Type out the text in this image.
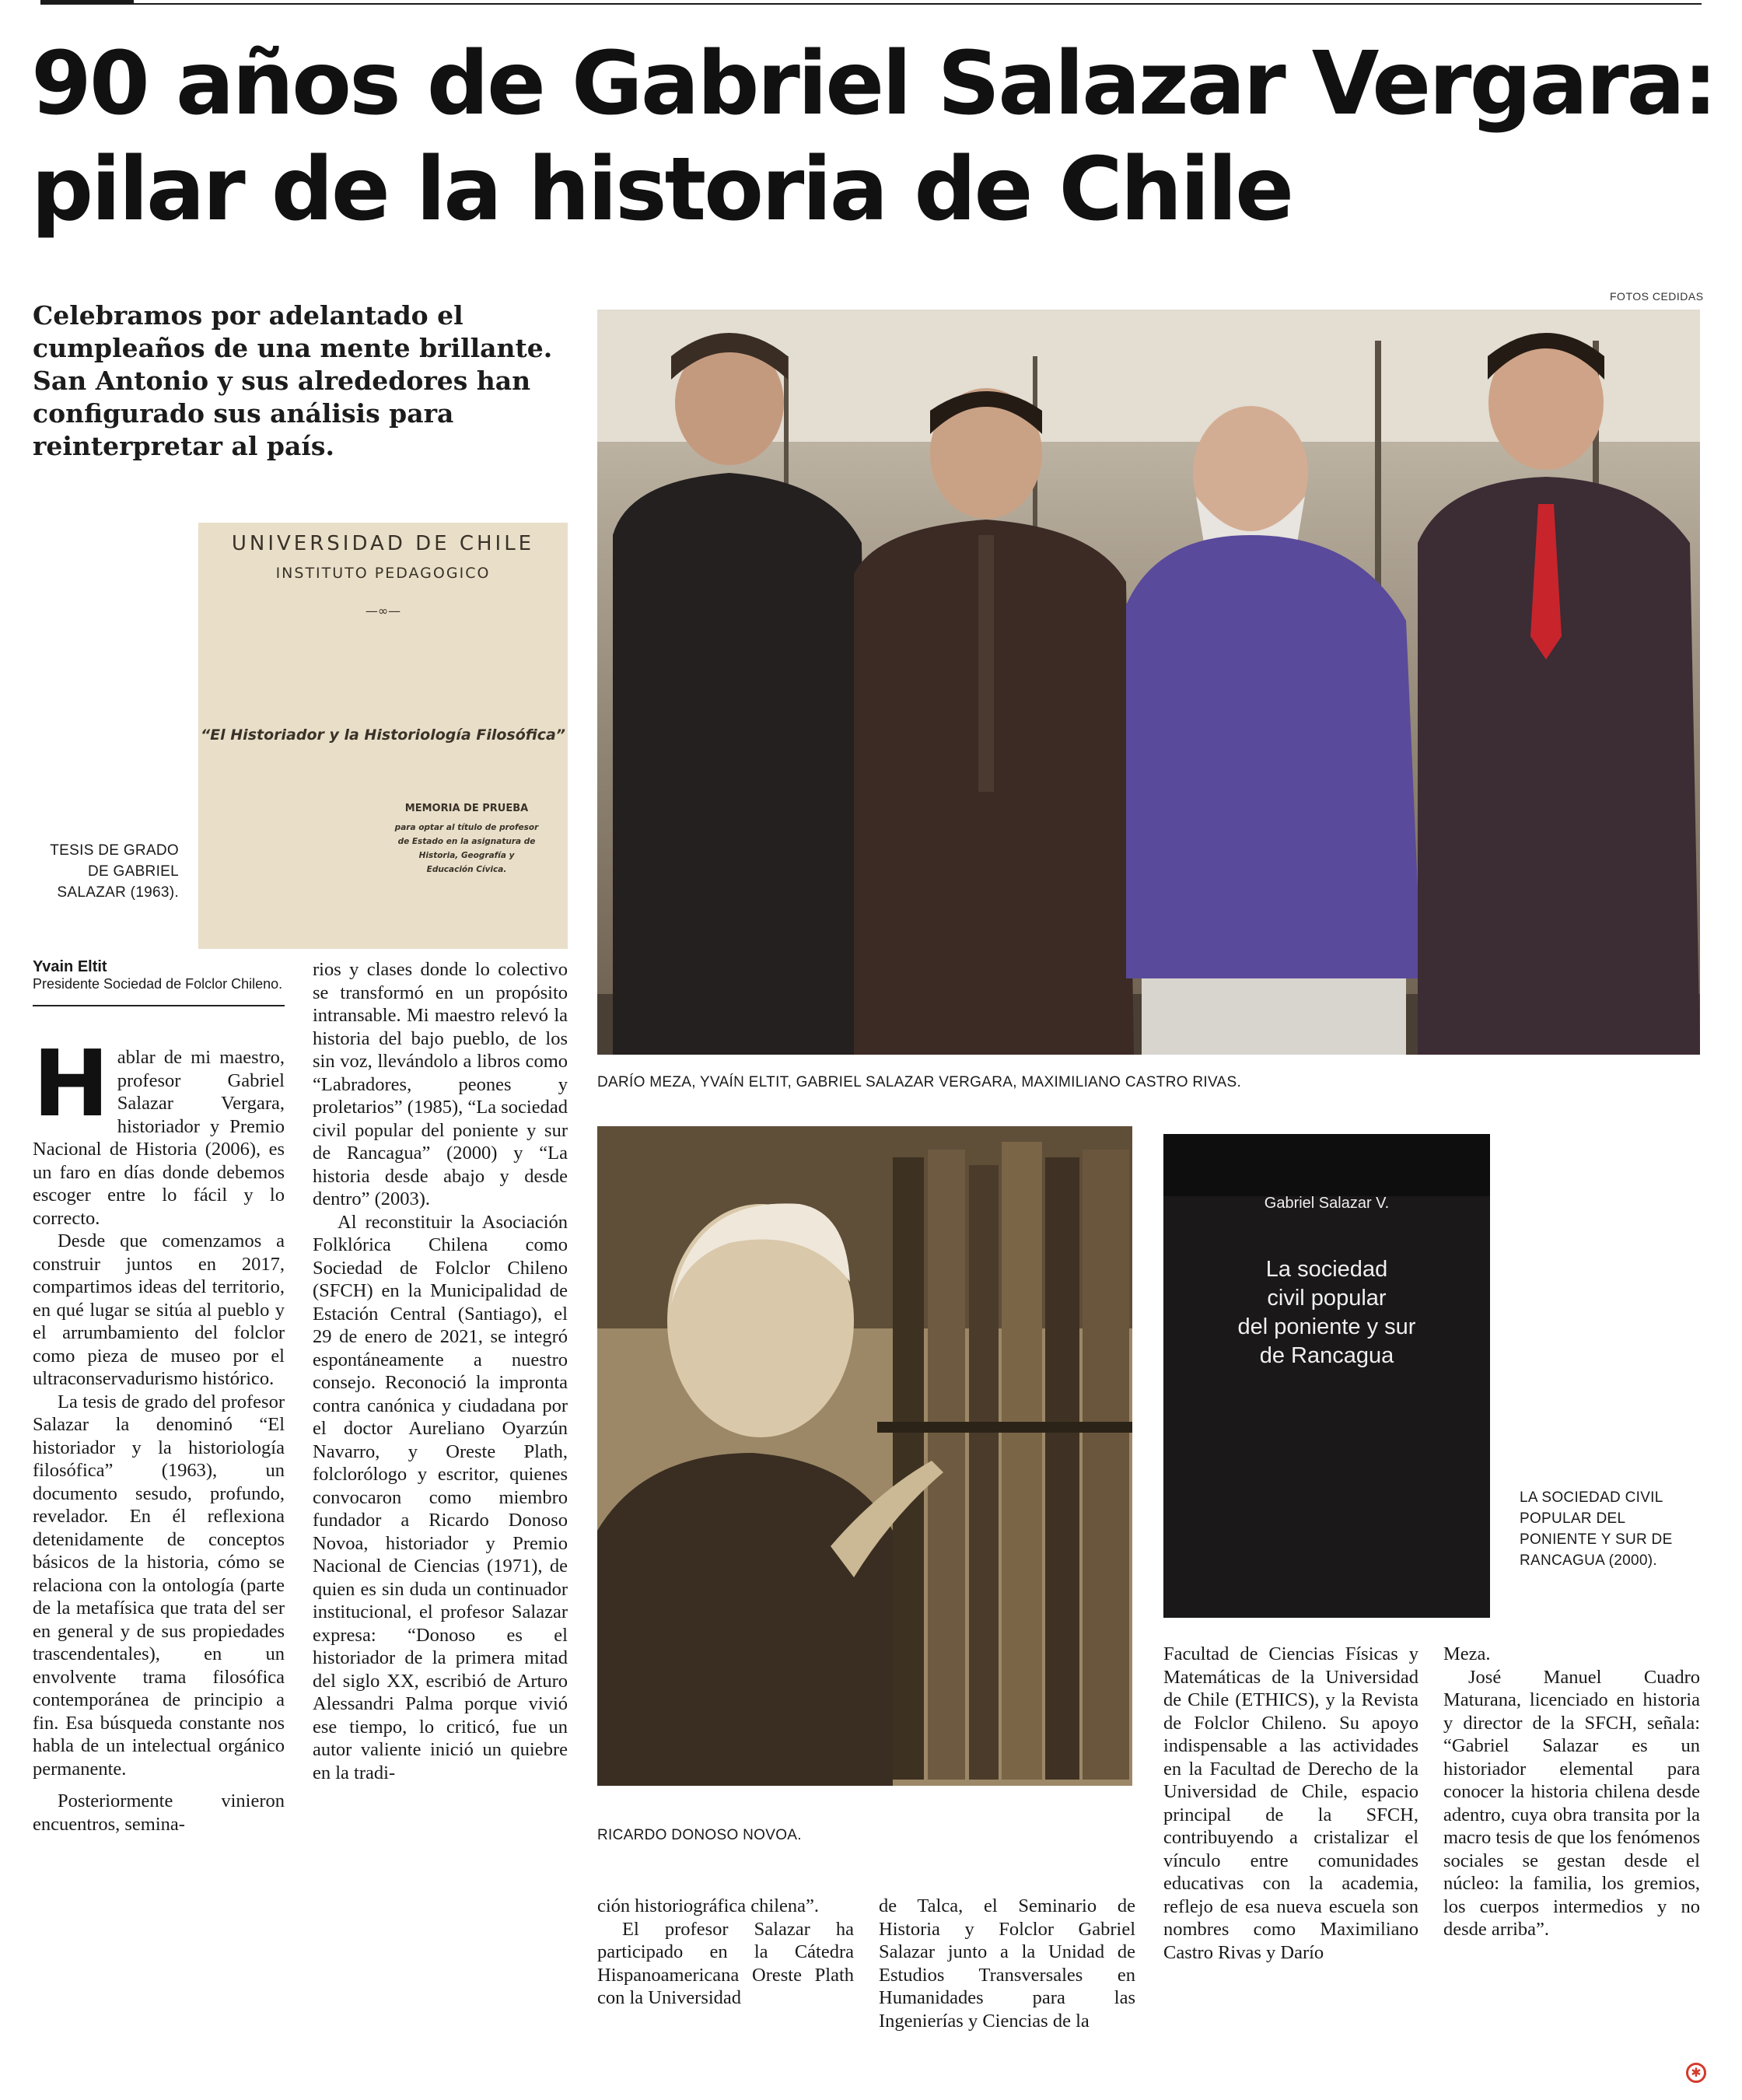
90 años de Gabriel Salazar Vergara:
pilar de la historia de Chile
Celebramos por adelantado el
cumpleaños de una mente brillante.
San Antonio y sus alrededores han
configurado sus análisis para
reinterpretar al país.
FOTOS CEDIDAS
UNIVERSIDAD DE CHILE
INSTITUTO PEDAGOGICO
—∞—
“El Historiador y la Historiología Filosófica”
MEMORIA DE PRUEBA
para optar al título de profesor
de Estado en la asignatura de
Historia, Geografía y
Educación Cívica.
TESIS DE GRADO
DE GABRIEL
SALAZAR (1963).
DARÍO MEZA, YVAÍN ELTIT, GABRIEL SALAZAR VERGARA, MAXIMILIANO CASTRO RIVAS.
RICARDO DONOSO NOVOA.
Gabriel Salazar V.
La sociedad
civil popular
del poniente y sur
de Rancagua
LA SOCIEDAD CIVIL
POPULAR DEL
PONIENTE Y SUR DE
RANCAGUA (2000).
Yvain Eltit
Presidente Sociedad de Folclor Chileno.

Hablar de mi maestro, profesor Gabriel Salazar Vergara, historiador y Premio Nacional de Historia (2006), es un faro en días donde debemos escoger entre lo fácil y lo correcto.

Desde que comenzamos a construir juntos en 2017, compartimos ideas del territorio, en qué lugar se sitúa al pueblo y el arrumbamiento del folclor como pieza de museo por el ultraconservadurismo histórico.

La tesis de grado del profesor Salazar la denominó “El historiador y la historiología filosófica” (1963), un documento sesudo, profundo, revelador. En él reflexiona detenidamente de conceptos básicos de la historia, cómo se relaciona con la ontología (parte de la metafísica que trata del ser en general y de sus propiedades trascendentales), en un envolvente trama filosófica contemporánea de principio a fin. Esa búsqueda constante nos habla de un intelectual orgánico permanente.

Posteriormente vinieron encuentros, semina-

rios y clases donde lo colectivo se transformó en un propósito intransable. Mi maestro relevó la historia del bajo pueblo, de los sin voz, llevándolo a libros como “Labradores, peones y proletarios” (1985), “La sociedad civil popular del poniente y sur de Rancagua” (2000) y “La historia desde abajo y desde dentro” (2003).

Al reconstituir la Asociación Folklórica Chilena como Sociedad de Folclor Chileno (SFCH) en la Municipalidad de Estación Central (Santiago), el 29 de enero de 2021, se integró espontáneamente a nuestro consejo. Reconoció la impronta contra canónica y ciudadana por el doctor Aureliano Oyarzún Navarro, y Oreste Plath, folclorólogo y escritor, quienes convocaron como miembro fundador a Ricardo Donoso Novoa, historiador y Premio Nacional de Ciencias (1971), de quien es sin duda un continuador institucional, el profesor Salazar expresa: “Donoso es el historiador de la primera mitad del siglo XX, escribió de Arturo Alessandri Palma porque vivió ese tiempo, lo criticó, fue un autor valiente inició un quiebre en la tradi-

ción historiográfica chilena”.

El profesor Salazar ha participado en la Cátedra Hispanoamericana Oreste Plath con la Universidad

de Talca, el Seminario de Historia y Folclor Gabriel Salazar junto a la Unidad de Estudios Transversales en Humanidades para las Ingenierías y Ciencias de la

Facultad de Ciencias Físicas y Matemáticas de la Universidad de Chile (ETHICS), y la Revista de Folclor Chileno. Su apoyo indispensable a las actividades en la Facultad de Derecho de la Universidad de Chile, espacio principal de la SFCH, contribuyendo a cristalizar el vínculo entre comunidades educativas con la academia, reflejo de esa nueva escuela son nombres como Maximiliano Castro Rivas y Darío

Meza.

José Manuel Cuadro Maturana, licenciado en historia y director de la SFCH, señala: “Gabriel Salazar es un historiador elemental para conocer la historia chilena desde adentro, cuya obra transita por la macro tesis de que los fenómenos sociales se gestan desde el núcleo: la familia, los gremios, los cuerpos intermedios y no desde arriba”.

✱
